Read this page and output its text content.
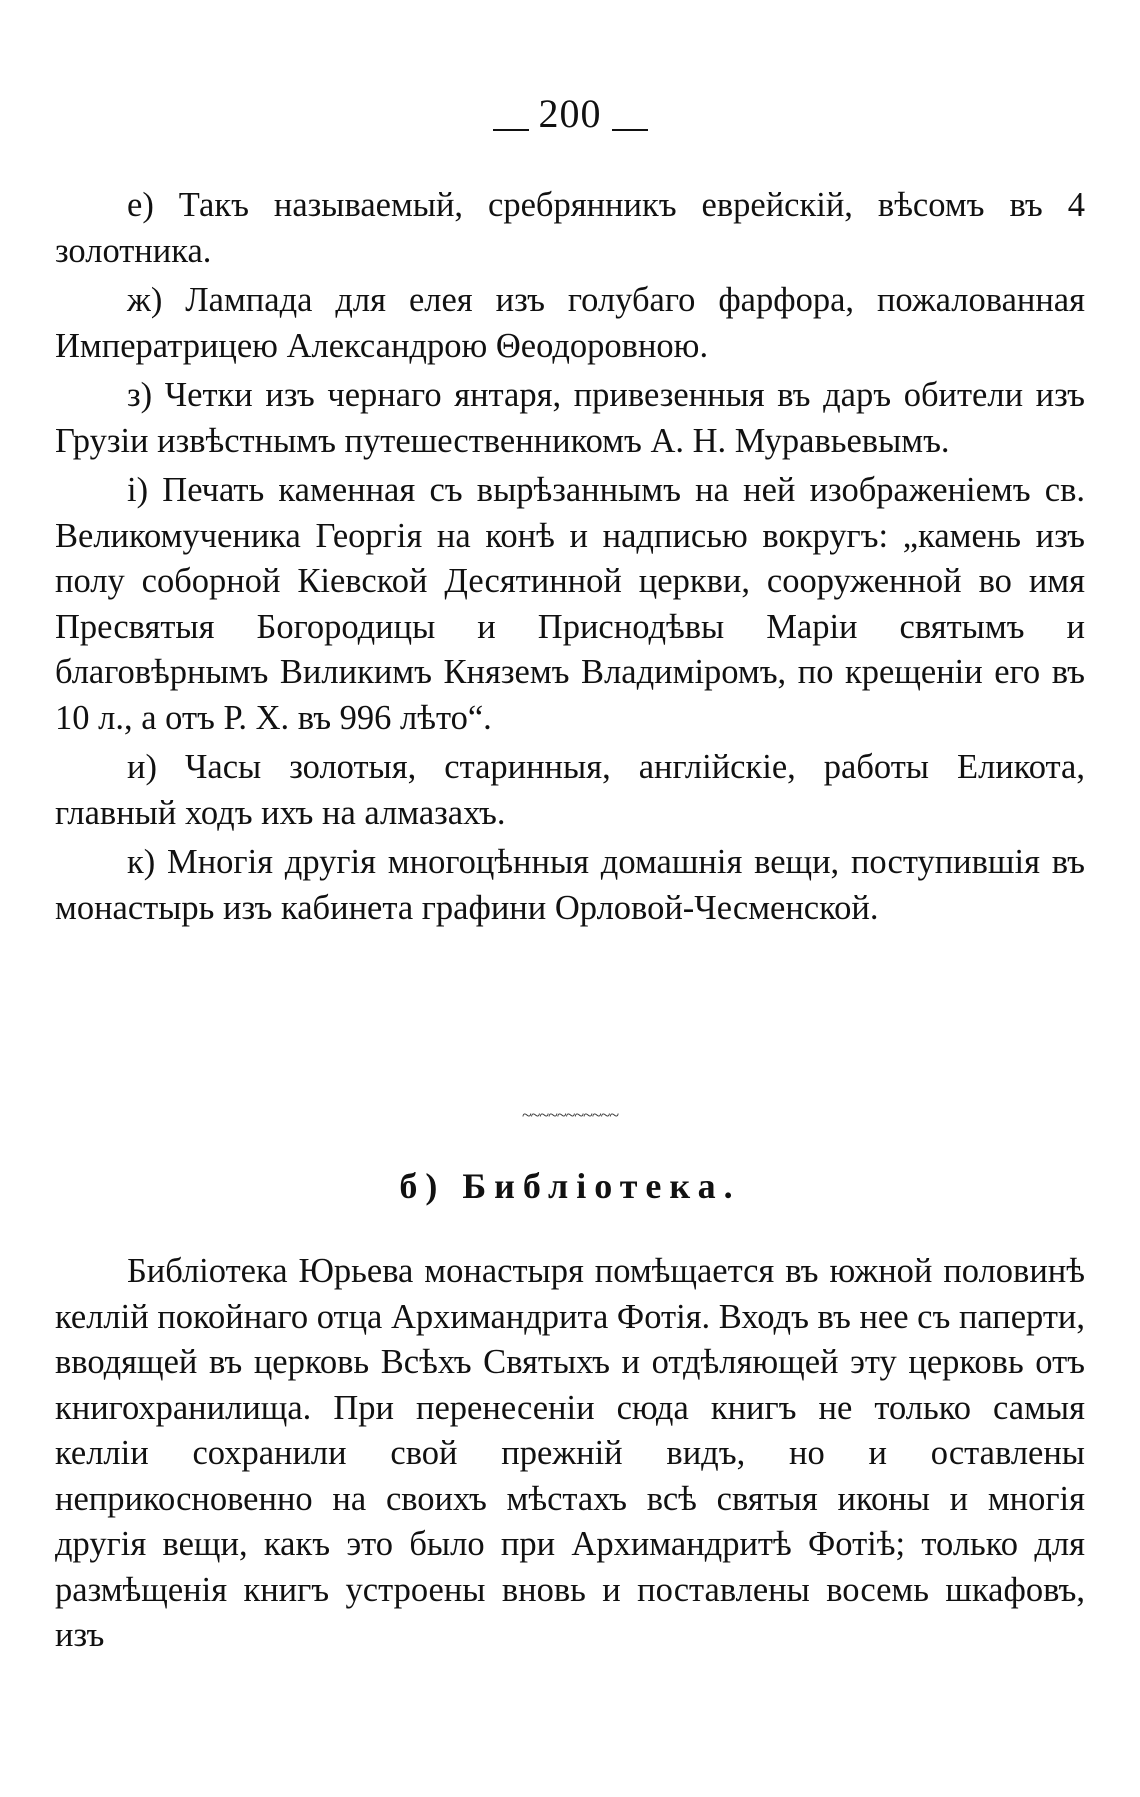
200

е) Такъ называемый, сребрянникъ еврейскій, вѣсомъ въ 4 золотника.

ж) Лампада для елея изъ голубаго фарфора, пожалованная Императрицею Александрою Θеодоровною.

з) Четки изъ чернаго янтаря, привезенныя въ даръ обители изъ Грузіи извѣстнымъ путешественникомъ А. Н. Муравьевымъ.

і) Печать каменная съ вырѣзаннымъ на ней изображеніемъ св. Великомученика Георгія на конѣ и надписью вокругъ: „камень изъ полу соборной Кіевской Десятинной церкви, сооруженной во имя Пресвятыя Богородицы и Приснодѣвы Маріи святымъ и благовѣрнымъ Виликимъ Княземъ Владиміромъ, по крещеніи его въ 10 л., а отъ Р. Х. въ 996 лѣто“.

и) Часы золотыя, старинныя, англійскіе, работы Еликота, главный ходъ ихъ на алмазахъ.

к) Многія другія многоцѣнныя домашнія вещи, поступившія въ монастырь изъ кабинета графини Орловой-Чесменской.

~~~~~~~~~~~
б) Библіотека.

Библіотека Юрьева монастыря помѣщается въ южной половинѣ келлій покойнаго отца Архимандрита Фотія. Входъ въ нее съ паперти, вводящей въ церковь Всѣхъ Святыхъ и отдѣляющей эту церковь отъ книгохранилища. При перенесеніи сюда книгъ не только самыя келліи сохранили свой прежній видъ, но и оставлены неприкосновенно на своихъ мѣстахъ всѣ святыя иконы и многія другія вещи, какъ это было при Архимандритѣ Фотіѣ; только для размѣщенія книгъ устроены вновь и поставлены восемь шкафовъ, изъ
